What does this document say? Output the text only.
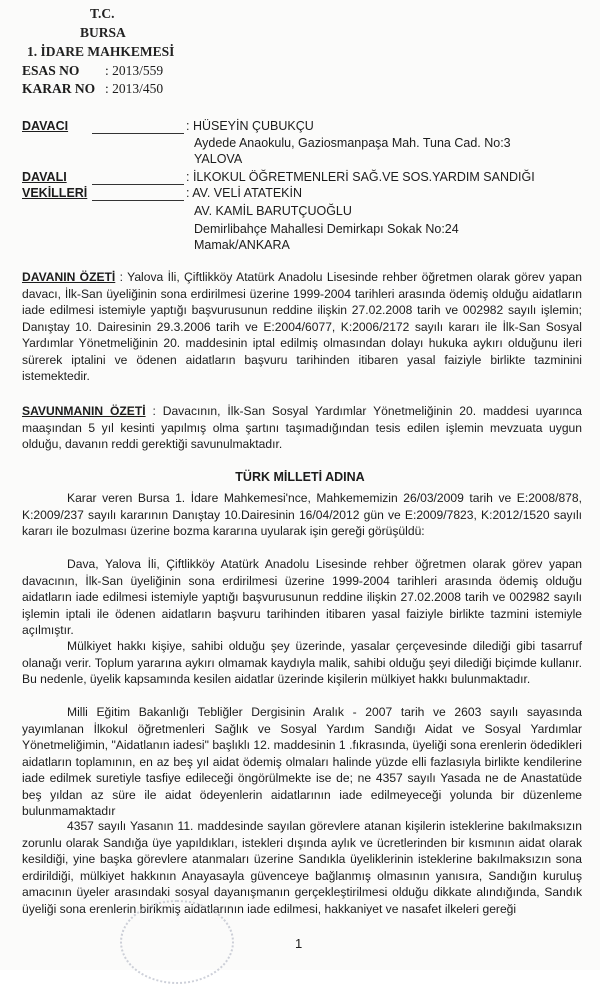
T.C.
BURSA
1. İDARE MAHKEMESİ
ESAS NO : 2013/559
KARAR NO : 2013/450
DAVACI	: HÜSEYİN ÇUBUKÇU
Aydede Anaokulu, Gaziosmanpaşa Mah. Tuna Cad. No:3
YALOVA
DAVALI	: İLKOKUL ÖĞRETMENLERİ SAĞ.VE SOS.YARDIM SANDIĞI
VEKİLLERİ	: AV. VELİ ATATEKİN
AV. KAMİL BARUTÇUOĞLU
Demirlibahçe Mahallesi Demirkapı Sokak No:24
Mamak/ANKARA
DAVANIN ÖZETİ : Yalova İli, Çiftlikköy Atatürk Anadolu Lisesinde rehber öğretmen olarak görev yapan davacı, İlk-San üyeliğinin sona erdirilmesi üzerine 1999-2004 tarihleri arasında ödemiş olduğu aidatların iade edilmesi istemiyle yaptığı başvurusunun reddine ilişkin 27.02.2008 tarih ve 002982 sayılı işlemin; Danıştay 10. Dairesinin 29.3.2006 tarih ve E:2004/6077, K:2006/2172 sayılı kararı ile İlk-San Sosyal Yardımlar Yönetmeliğinin 20. maddesinin iptal edilmiş olmasından dolayı hukuka aykırı olduğunu ileri sürerek iptalini ve ödenen aidatların başvuru tarihinden itibaren yasal faiziyle birlikte tazminini istemektedir.
SAVUNMANIN ÖZETİ : Davacının, İlk-San Sosyal Yardımlar Yönetmeliğinin 20. maddesi uyarınca maaşından 5 yıl kesinti yapılmış olma şartını taşımadığından tesis edilen işlemin mevzuata uygun olduğu, davanın reddi gerektiği savunulmaktadır.
TÜRK MİLLETİ ADINA
Karar veren Bursa 1. İdare Mahkemesi'nce, Mahkememizin 26/03/2009 tarih ve E:2008/878, K:2009/237 sayılı kararının Danıştay 10.Dairesinin 16/04/2012 gün ve E:2009/7823, K:2012/1520 sayılı kararı ile bozulması üzerine bozma kararına uyularak işin gereği görüşüldü:
Dava, Yalova İli, Çiftlikköy Atatürk Anadolu Lisesinde rehber öğretmen olarak görev yapan davacının, İlk-San üyeliğinin sona erdirilmesi üzerine 1999-2004 tarihleri arasında ödemiş olduğu aidatların iade edilmesi istemiyle yaptığı başvurusunun reddine ilişkin 27.02.2008 tarih ve 002982 sayılı işlemin iptali ile ödenen aidatların başvuru tarihinden itibaren yasal faiziyle birlikte tazmini istemiyle açılmıştır.
Mülkiyet hakkı kişiye, sahibi olduğu şey üzerinde, yasalar çerçevesinde dilediği gibi tasarruf olanağı verir. Toplum yararına aykırı olmamak kaydıyla malik, sahibi olduğu şeyi dilediği biçimde kullanır. Bu nedenle, üyelik kapsamında kesilen aidatlar üzerinde kişilerin mülkiyet hakkı bulunmaktadır.
Milli Eğitim Bakanlığı Tebliğler Dergisinin Aralık - 2007 tarih ve 2603 sayılı sayasında yayımlanan İlkokul öğretmenleri Sağlık ve Sosyal Yardım Sandığı Aidat ve Sosyal Yardımlar Yönetmeliğimin, "Aidatlanın iadesi" başlıklı 12. maddesinin 1 .fıkrasında, üyeliği sona erenlerin ödedikleri aidatların toplamının, en az beş yıl aidat ödemiş olmaları halinde yüzde elli fazlasıyla birlikte kendilerine iade edilmek suretiyle tasfiye edileceği öngörülmekte ise de; ne 4357 sayılı Yasada ne de Anastatüde beş yıldan az süre ile aidat ödeyenlerin aidatlarının iade edilmeyeceği yolunda bir düzenleme bulunmamaktadır
4357 sayılı Yasanın 11. maddesinde sayılan görevlere atanan kişilerin isteklerine bakılmaksızın zorunlu olarak Sandığa üye yapıldıkları, istekleri dışında aylık ve ücretlerinden bir kısmının aidat olarak kesildiği, yine başka görevlere atanmaları üzerine Sandıkla üyeliklerinin isteklerine bakılmaksızın sona erdirildiği, mülkiyet hakkının Anayasayla güvenceye bağlanmış olmasının yanısıra, Sandığın kuruluş amacının üyeler arasındaki sosyal dayanışmanın gerçekleştirilmesi olduğu dikkate alındığında, Sandık üyeliği sona erenlerin birikmiş aidatlarının iade edilmesi, hakkaniyet ve nasafet ilkeleri gereği
1
